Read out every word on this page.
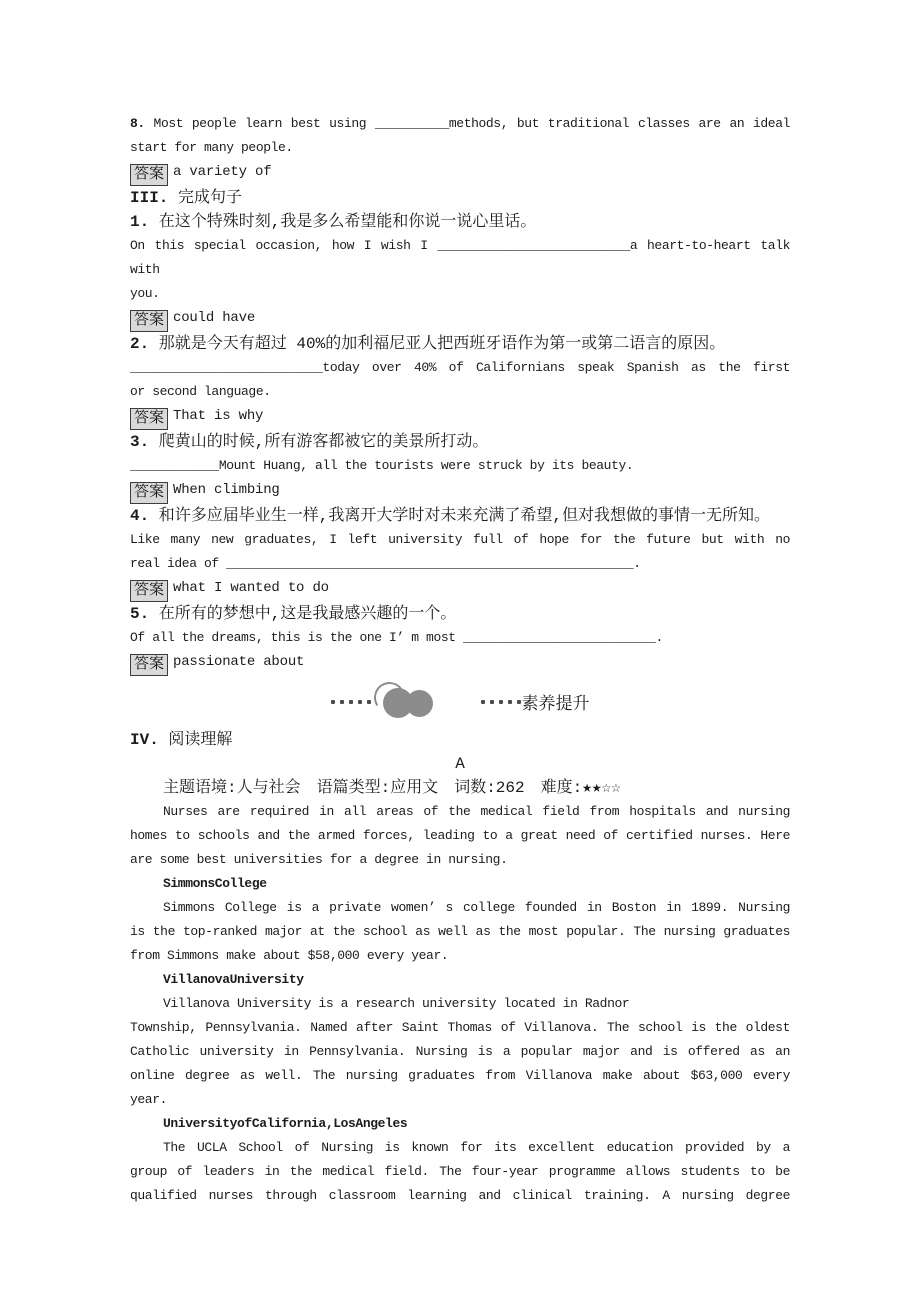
8. Most people learn best using __________methods, but traditional classes are an ideal
start for many people.
答案 a variety of
III. 完成句子
1. 在这个特殊时刻,我是多么希望能和你说一说心里话。
On this special occasion, how I wish I __________________________a heart-to-heart talk with
you.
答案 could have
2. 那就是今天有超过 40%的加利福尼亚人把西班牙语作为第一或第二语言的原因。
__________________________today over 40% of Californians speak Spanish as the first
or second language.
答案 That is why
3. 爬黄山的时候,所有游客都被它的美景所打动。
____________Mount Huang, all the tourists were struck by its beauty.
答案 When climbing
4. 和许多应届毕业生一样,我离开大学时对未来充满了希望,但对我想做的事情一无所知。
Like many new graduates, I left university full of hope for the future but with no
real idea of _______________________________________________________.
答案 what I wanted to do
5. 在所有的梦想中,这是我最感兴趣的一个。
Of all the dreams, this is the one I’ m most __________________________.
答案 passionate about
素养提升
IV. 阅读理解
A
主题语境:人与社会　语篇类型:应用文　词数:262　难度:★★☆☆
Nurses are required in all areas of the medical field from hospitals and nursing
homes to schools and the armed forces, leading to a great need of certified nurses. Here
are some best universities for a degree in nursing.
SimmonsCollege
Simmons College is a private women’ s college founded in Boston in 1899. Nursing
is the top-ranked major at the school as well as the most popular. The nursing graduates
from Simmons make about $58,000 every year.
VillanovaUniversity
Villanova University is a research university located in Radnor
Township, Pennsylvania. Named after Saint Thomas of Villanova. The school is the oldest
Catholic university in Pennsylvania. Nursing is a popular major and is offered as an
online degree as well. The nursing graduates from Villanova make about $63,000 every
year.
UniversityofCalifornia,LosAngeles
The UCLA School of Nursing is known for its excellent education provided by a
group of leaders in the medical field. The four-year programme allows students to be
qualified nurses through classroom learning and clinical training. A nursing degree
